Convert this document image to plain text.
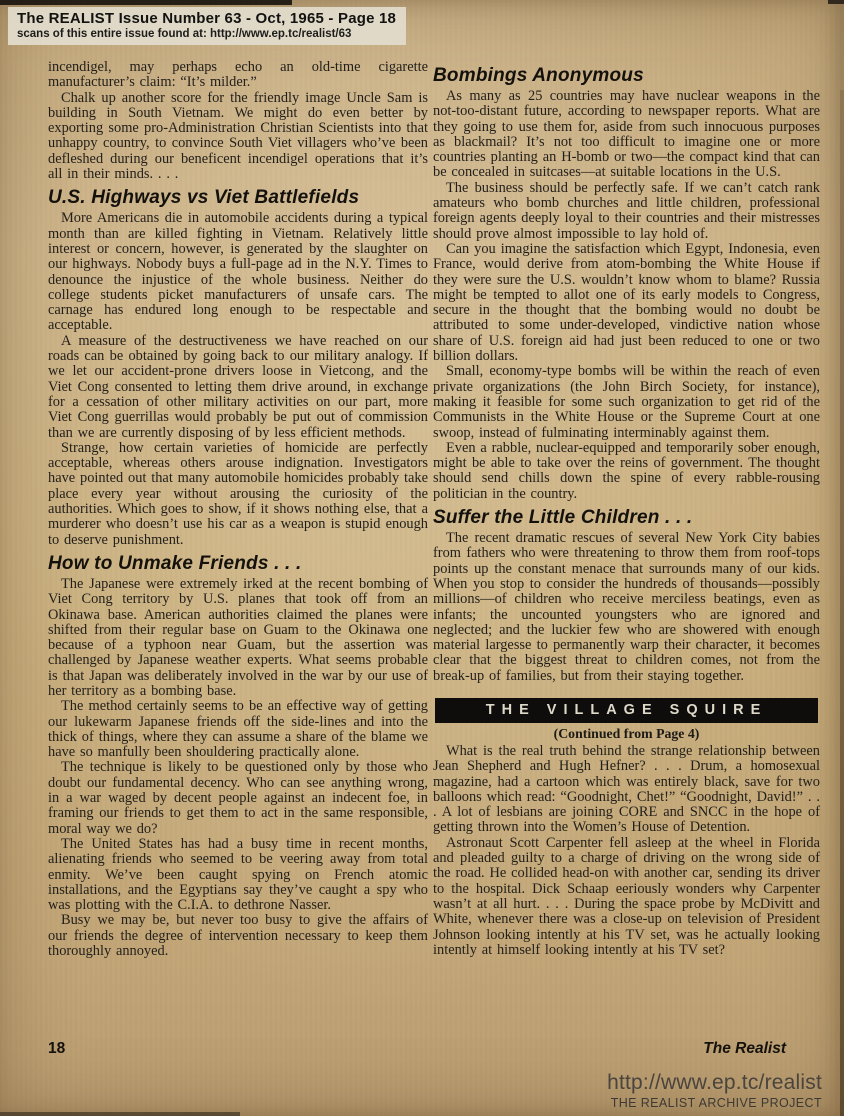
The REALIST Issue Number 63 - Oct, 1965 - Page 18
scans of this entire issue found at: http://www.ep.tc/realist/63

incendigel, may perhaps echo an old-time cigarette manufacturer’s claim: “It’s milder.”

Chalk up another score for the friendly image Uncle Sam is building in South Vietnam. We might do even better by exporting some pro-Administration Christian Scientists into that unhappy country, to convince South Viet villagers who’ve been defleshed during our beneficent incendigel operations that it’s all in their minds. . . .

U.S. Highways vs Viet Battlefields

More Americans die in automobile accidents during a typical month than are killed fighting in Vietnam. Relatively little interest or concern, however, is generated by the slaughter on our highways. Nobody buys a full-page ad in the N.Y. Times to denounce the injustice of the whole business. Neither do college students picket manufacturers of unsafe cars. The carnage has endured long enough to be respectable and acceptable.

A measure of the destructiveness we have reached on our roads can be obtained by going back to our military analogy. If we let our accident-prone drivers loose in Vietcong, and the Viet Cong consented to letting them drive around, in exchange for a cessation of other military activities on our part, more Viet Cong guerrillas would probably be put out of commission than we are currently disposing of by less efficient methods.

Strange, how certain varieties of homicide are perfectly acceptable, whereas others arouse indignation. Investigators have pointed out that many automobile homicides probably take place every year without arousing the curiosity of the authorities. Which goes to show, if it shows nothing else, that a murderer who doesn’t use his car as a weapon is stupid enough to deserve punishment.

How to Unmake Friends . . .

The Japanese were extremely irked at the recent bombing of Viet Cong territory by U.S. planes that took off from an Okinawa base. American authorities claimed the planes were shifted from their regular base on Guam to the Okinawa one because of a typhoon near Guam, but the assertion was challenged by Japanese weather experts. What seems probable is that Japan was deliberately involved in the war by our use of her territory as a bombing base.

The method certainly seems to be an effective way of getting our lukewarm Japanese friends off the side-lines and into the thick of things, where they can assume a share of the blame we have so manfully been shouldering practically alone.

The technique is likely to be questioned only by those who doubt our fundamental decency. Who can see anything wrong, in a war waged by decent people against an indecent foe, in framing our friends to get them to act in the same responsible, moral way we do?

The United States has had a busy time in recent months, alienating friends who seemed to be veering away from total enmity. We’ve been caught spying on French atomic installations, and the Egyptians say they’ve caught a spy who was plotting with the C.I.A. to dethrone Nasser.

Busy we may be, but never too busy to give the affairs of our friends the degree of intervention necessary to keep them thoroughly annoyed.

Bombings Anonymous

As many as 25 countries may have nuclear weapons in the not-too-distant future, according to newspaper reports. What are they going to use them for, aside from such innocuous purposes as blackmail? It’s not too difficult to imagine one or more countries planting an H-bomb or two—the compact kind that can be concealed in suitcases—at suitable locations in the U.S.

The business should be perfectly safe. If we can’t catch rank amateurs who bomb churches and little children, professional foreign agents deeply loyal to their countries and their mistresses should prove almost impossible to lay hold of.

Can you imagine the satisfaction which Egypt, Indonesia, even France, would derive from atom-bombing the White House if they were sure the U.S. wouldn’t know whom to blame? Russia might be tempted to allot one of its early models to Congress, secure in the thought that the bombing would no doubt be attributed to some under-developed, vindictive nation whose share of U.S. foreign aid had just been reduced to one or two billion dollars.

Small, economy-type bombs will be within the reach of even private organizations (the John Birch Society, for instance), making it feasible for some such organization to get rid of the Communists in the White House or the Supreme Court at one swoop, instead of fulminating interminably against them.

Even a rabble, nuclear-equipped and temporarily sober enough, might be able to take over the reins of government. The thought should send chills down the spine of every rabble-rousing politician in the country.

Suffer the Little Children . . .

The recent dramatic rescues of several New York City babies from fathers who were threatening to throw them from roof-tops points up the constant menace that surrounds many of our kids. When you stop to consider the hundreds of thousands—possibly millions—of children who receive merciless beatings, even as infants; the uncounted youngsters who are ignored and neglected; and the luckier few who are showered with enough material largesse to permanently warp their character, it becomes clear that the biggest threat to children comes, not from the break-up of families, but from their staying together.

THE VILLAGE SQUIRE
(Continued from Page 4)

What is the real truth behind the strange relationship between Jean Shepherd and Hugh Hefner? . . . Drum, a homosexual magazine, had a cartoon which was entirely black, save for two balloons which read: “Goodnight, Chet!” “Goodnight, David!” . . . A lot of lesbians are joining CORE and SNCC in the hope of getting thrown into the Women’s House of Detention.

Astronaut Scott Carpenter fell asleep at the wheel in Florida and pleaded guilty to a charge of driving on the wrong side of the road. He collided head-on with another car, sending its driver to the hospital. Dick Schaap eeriously wonders why Carpenter wasn’t at all hurt. . . . During the space probe by McDivitt and White, whenever there was a close-up on television of President Johnson looking intently at his TV set, was he actually looking intently at himself looking intently at his TV set?

18	The Realist
http://www.ep.tc/realist
THE REALIST ARCHIVE PROJECT
